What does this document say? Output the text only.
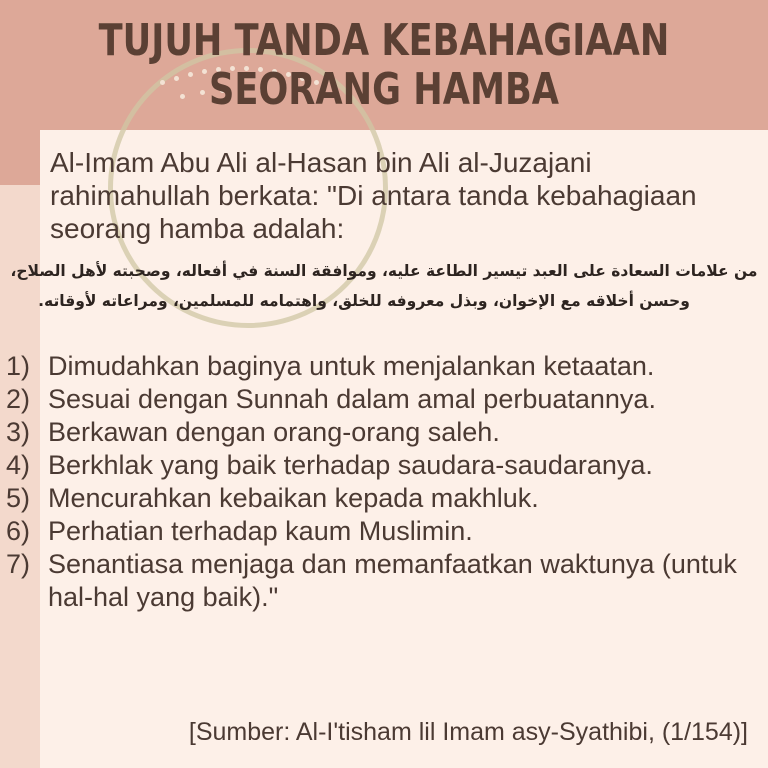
TUJUH TANDA KEBAHAGIAAN
SEORANG HAMBA
Al-Imam Abu Ali al-Hasan bin Ali al-Juzajani rahimahullah berkata: "Di antara tanda kebahagiaan seorang hamba adalah:
من علامات السعادة على العبد تيسير الطاعة عليه، وموافقة السنة في أفعاله، وصحبته لأهل الصلاح،
وحسن أخلاقه مع الإخوان، وبذل معروفه للخلق، واهتمامه للمسلمين، ومراعاته لأوقاته.
1) Dimudahkan baginya untuk menjalankan ketaatan.
2) Sesuai dengan Sunnah dalam amal perbuatannya.
3) Berkawan dengan orang-orang saleh.
4) Berkhlak yang baik terhadap saudara-saudaranya.
5) Mencurahkan kebaikan kepada makhluk.
6) Perhatian terhadap kaum Muslimin.
7) Senantiasa menjaga dan memanfaatkan waktunya (untuk hal-hal yang baik)."
[Sumber: Al-I'tisham lil Imam asy-Syathibi, (1/154)]
